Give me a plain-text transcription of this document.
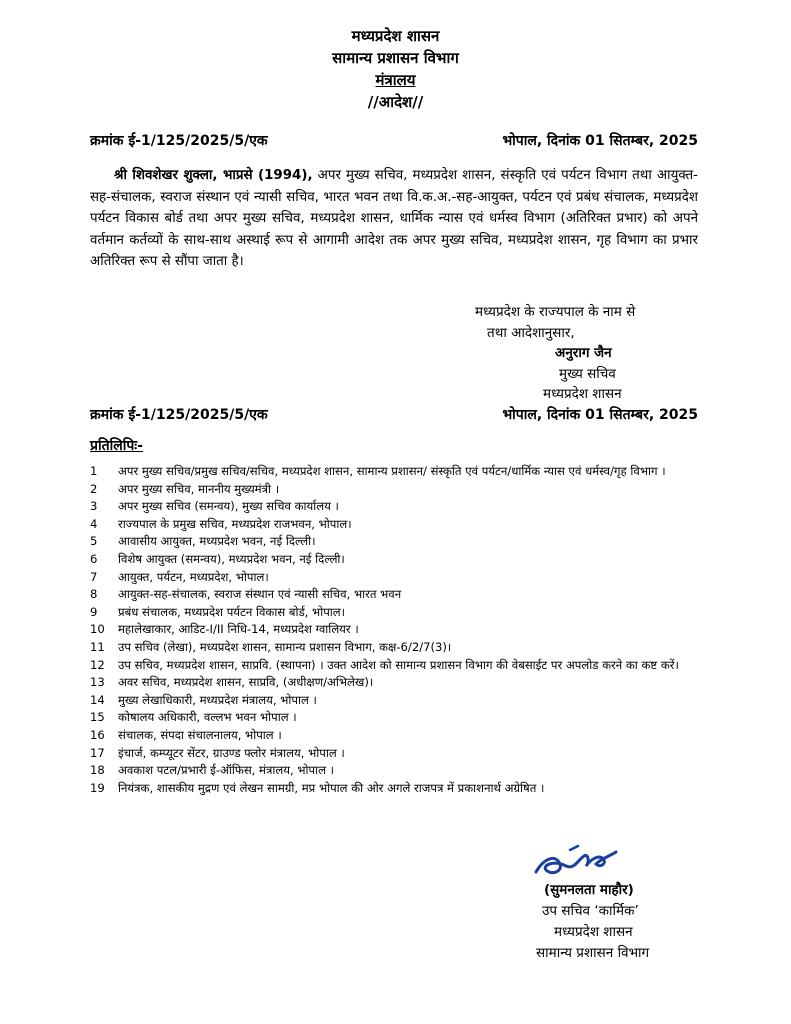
मध्यप्रदेश शासन
सामान्य प्रशासन विभाग
मंत्रालय
//आदेश//
क्रमांक ई-1/125/2025/5/एक	भोपाल, दिनांक 01 सितम्बर, 2025
श्री शिवशेखर शुक्ला, भाप्रसे (1994), अपर मुख्य सचिव, मध्यप्रदेश शासन, संस्कृति एवं पर्यटन विभाग तथा आयुक्त-सह-संचालक, स्वराज संस्थान एवं न्यासी सचिव, भारत भवन तथा वि.क.अ.-सह-आयुक्त, पर्यटन एवं प्रबंध संचालक, मध्यप्रदेश पर्यटन विकास बोर्ड तथा अपर मुख्य सचिव, मध्यप्रदेश शासन, धार्मिक न्यास एवं धर्मस्व विभाग (अतिरिक्त प्रभार) को अपने वर्तमान कर्तव्यों के साथ-साथ अस्थाई रूप से आगामी आदेश तक अपर मुख्य सचिव, मध्यप्रदेश शासन, गृह विभाग का प्रभार अतिरिक्त रूप से सौंपा जाता है।
मध्यप्रदेश के राज्यपाल के नाम से
तथा आदेशानुसार,
अनुराग जैन
मुख्य सचिव
मध्यप्रदेश शासन
क्रमांक ई-1/125/2025/5/एक	भोपाल, दिनांक 01 सितम्बर, 2025
प्रतिलिपिः-
1	अपर मुख्य सचिव/प्रमुख सचिव/सचिव, मध्यप्रदेश शासन, सामान्य प्रशासन/ संस्कृति एवं पर्यटन/धार्मिक न्यास एवं धर्मस्व/गृह विभाग ।
2	अपर मुख्य सचिव, माननीय मुख्यमंत्री ।
3	अपर मुख्य सचिव (समन्वय), मुख्य सचिव कार्यालय ।
4	राज्यपाल के प्रमुख सचिव, मध्यप्रदेश राजभवन, भोपाल।
5	आवासीय आयुक्त, मध्यप्रदेश भवन, नई दिल्ली।
6	विशेष आयुक्त (समन्वय), मध्यप्रदेश भवन, नई दिल्ली।
7	आयुक्त, पर्यटन, मध्यप्रदेश, भोपाल।
8	आयुक्त-सह-संचालक, स्वराज संस्थान एवं न्यासी सचिव, भारत भवन
9	प्रबंध संचालक, मध्यप्रदेश पर्यटन विकास बोर्ड, भोपाल।
10	महालेखाकार, आडिट-I/II निधि-14, मध्यप्रदेश ग्वालियर ।
11	उप सचिव (लेखा), मध्यप्रदेश शासन, सामान्य प्रशासन विभाग, कक्ष-6/2/7(3)।
12	उप सचिव, मध्यप्रदेश शासन, साप्रवि. (स्थापना) । उक्त आदेश को सामान्य प्रशासन विभाग की वेबसाईट पर अपलोड करने का कष्ट करें।
13	अवर सचिव, मध्यप्रदेश शासन, साप्रवि, (अधीक्षण/अभिलेख)।
14	मुख्य लेखाधिकारी, मध्यप्रदेश मंत्रालय, भोपाल ।
15	कोषालय अधिकारी, वल्लभ भवन भोपाल ।
16	संचालक, संपदा संचालनालय, भोपाल ।
17	इंचार्ज, कम्प्यूटर सेंटर, ग्राउण्ड फ्लोर मंत्रालय, भोपाल ।
18	अवकाश पटल/प्रभारी ई-ऑफिस, मंत्रालय, भोपाल ।
19	नियंत्रक, शासकीय मुद्रण एवं लेखन सामग्री, मप्र भोपाल की ओर अगले राजपत्र में प्रकाशनार्थ अग्रेषित ।
(सुमनलता माहौर)
उप सचिव ‘कार्मिक’
मध्यप्रदेश शासन
सामान्य प्रशासन विभाग
